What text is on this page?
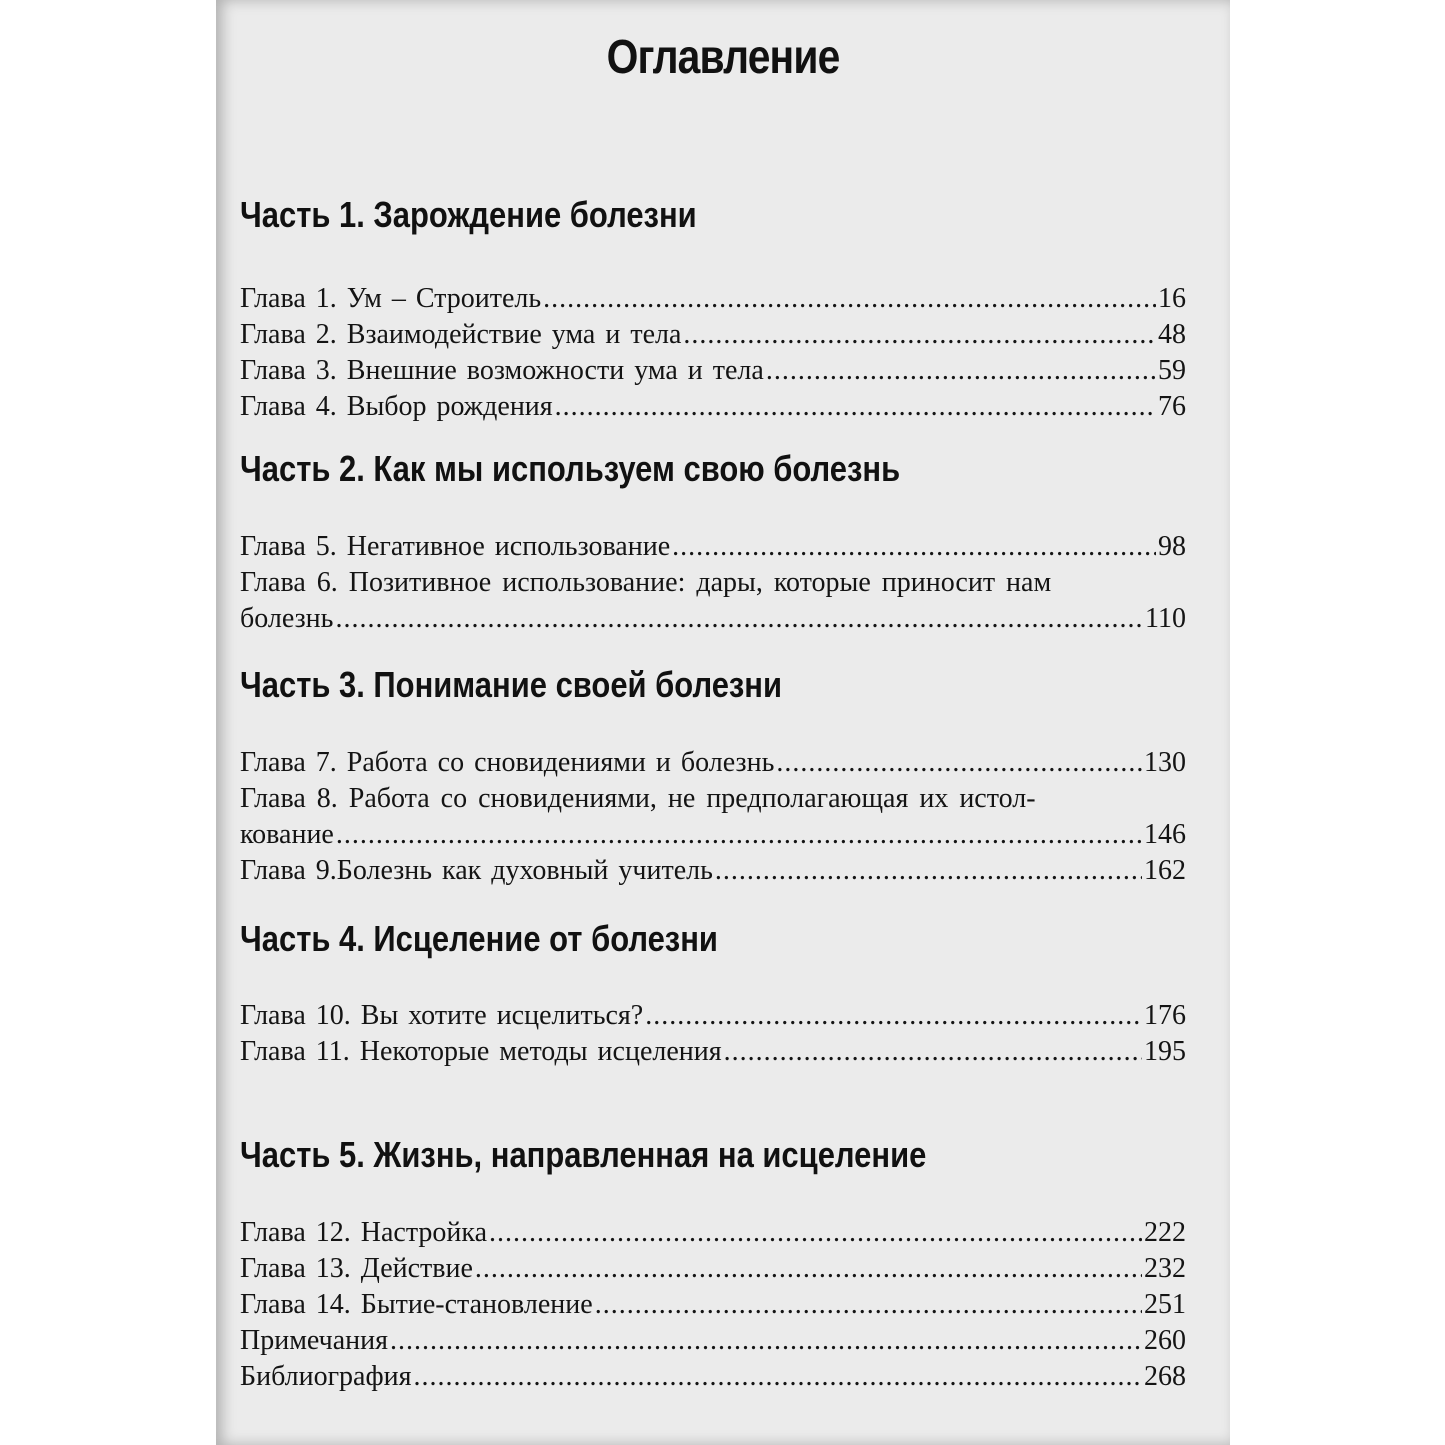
Оглавление
Часть 1. Зарождение болезни
Глава 1. Ум – Строитель .....	16
Глава 2. Взаимодействие ума и тела .....	48
Глава 3. Внешние возможности ума и тела .....	59
Глава 4. Выбор рождения .....	76
Часть 2. Как мы используем свою болезнь
Глава 5. Негативное использование .....	98
Глава 6. Позитивное использование: дары, которые приносит нам
болезнь .....	110
Часть 3. Понимание своей болезни
Глава 7. Работа со сновидениями и болезнь .....	130
Глава 8. Работа со сновидениями, не предполагающая их истол-
кование .....	146
Глава 9.Болезнь как духовный учитель .....	162
Часть 4. Исцеление от болезни
Глава 10. Вы хотите исцелиться? .....	176
Глава 11. Некоторые методы исцеления .....	195
Часть 5. Жизнь, направленная на исцеление
Глава 12. Настройка .....	222
Глава 13. Действие .....	232
Глава 14. Бытие-становление .....	251
Примечания .....	260
Библиография .....	268
